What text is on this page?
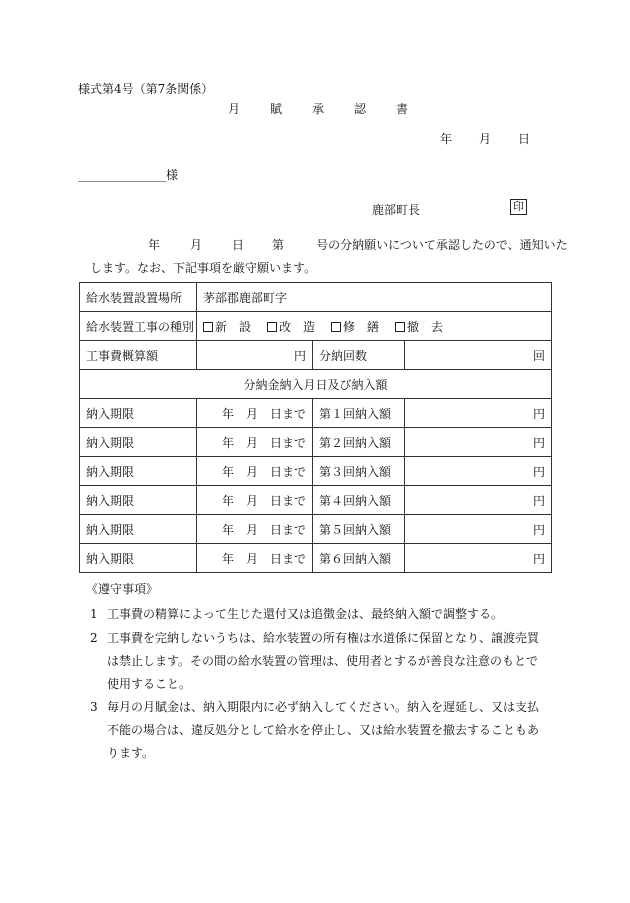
様式第4号（第7条関係）
月 賦 承 認 書
年 月 日
________________様
鹿部町長	印
年	月	日 第	号の分納願いについて承認したので、通知いた
します。なお、下記事項を厳守願います。
給水装置設置場所	茅部郡鹿部町字		
給水装置工事の種別	新　設 改　造 修　繕 撤　去		

工事費概算額	円	分納回数	回
分納金納入月日及び納入額			
納入期限	年　月　日まで	第１回納入額	円
納入期限	年　月　日まで	第２回納入額	円
納入期限	年　月　日まで	第３回納入額	円
納入期限	年　月　日まで	第４回納入額	円
納入期限	年　月　日まで	第５回納入額	円
納入期限	年　月　日まで	第６回納入額	円
《遵守事項》
1 工事費の精算によって生じた還付又は追徴金は、最終納入額で調整する。
2 工事費を完納しないうちは、給水装置の所有権は水道係に保留となり、譲渡売買は禁止します。その間の給水装置の管理は、使用者とするが善良な注意のもとで使用すること。
3 毎月の月賦金は、納入期限内に必ず納入してください。納入を遅延し、又は支払不能の場合は、違反処分として給水を停止し、又は給水装置を撤去することもあります。
